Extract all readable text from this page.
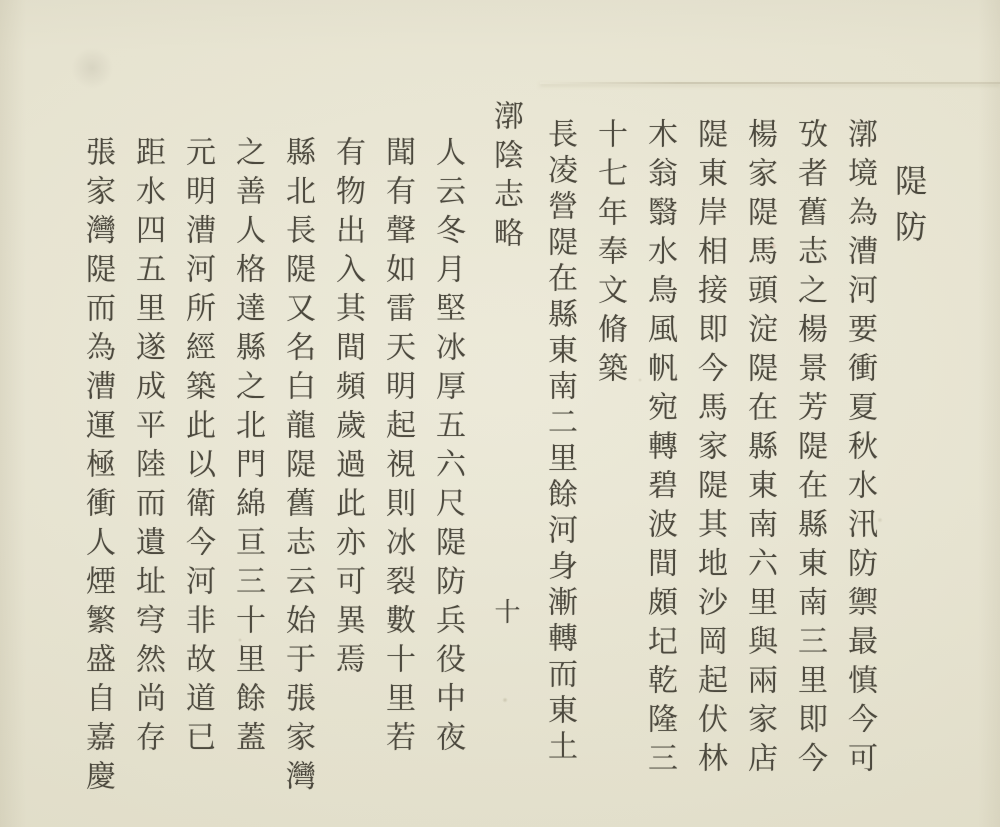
隄防
漷境為漕河要衝夏秋水汛防禦最慎今可
攷者舊志之楊景芳隄在縣東南三里即今
楊家隄馬頭淀隄在縣東南六里與兩家店
隄東岸相接即今馬家隄其地沙岡起伏林
木翁翳水鳥風帆宛轉碧波間頗圮乾隆三
十七年奉文脩築
長凌營隄在縣東南二里餘河身漸轉而東土
漷陰志略 十
人云冬月堅冰厚五六尺隄防兵役中夜
聞有聲如雷天明起視則冰裂數十里若
有物出入其間頻歲過此亦可異焉
縣北長隄又名白龍隄舊志云始于張家灣
之善人格達縣之北門綿亘三十里餘蓋
元明漕河所經築此以衛今河非故道已
距水四五里遂成平陸而遺址穹然尚存
張家灣隄而為漕運極衝人煙繁盛自嘉慶
